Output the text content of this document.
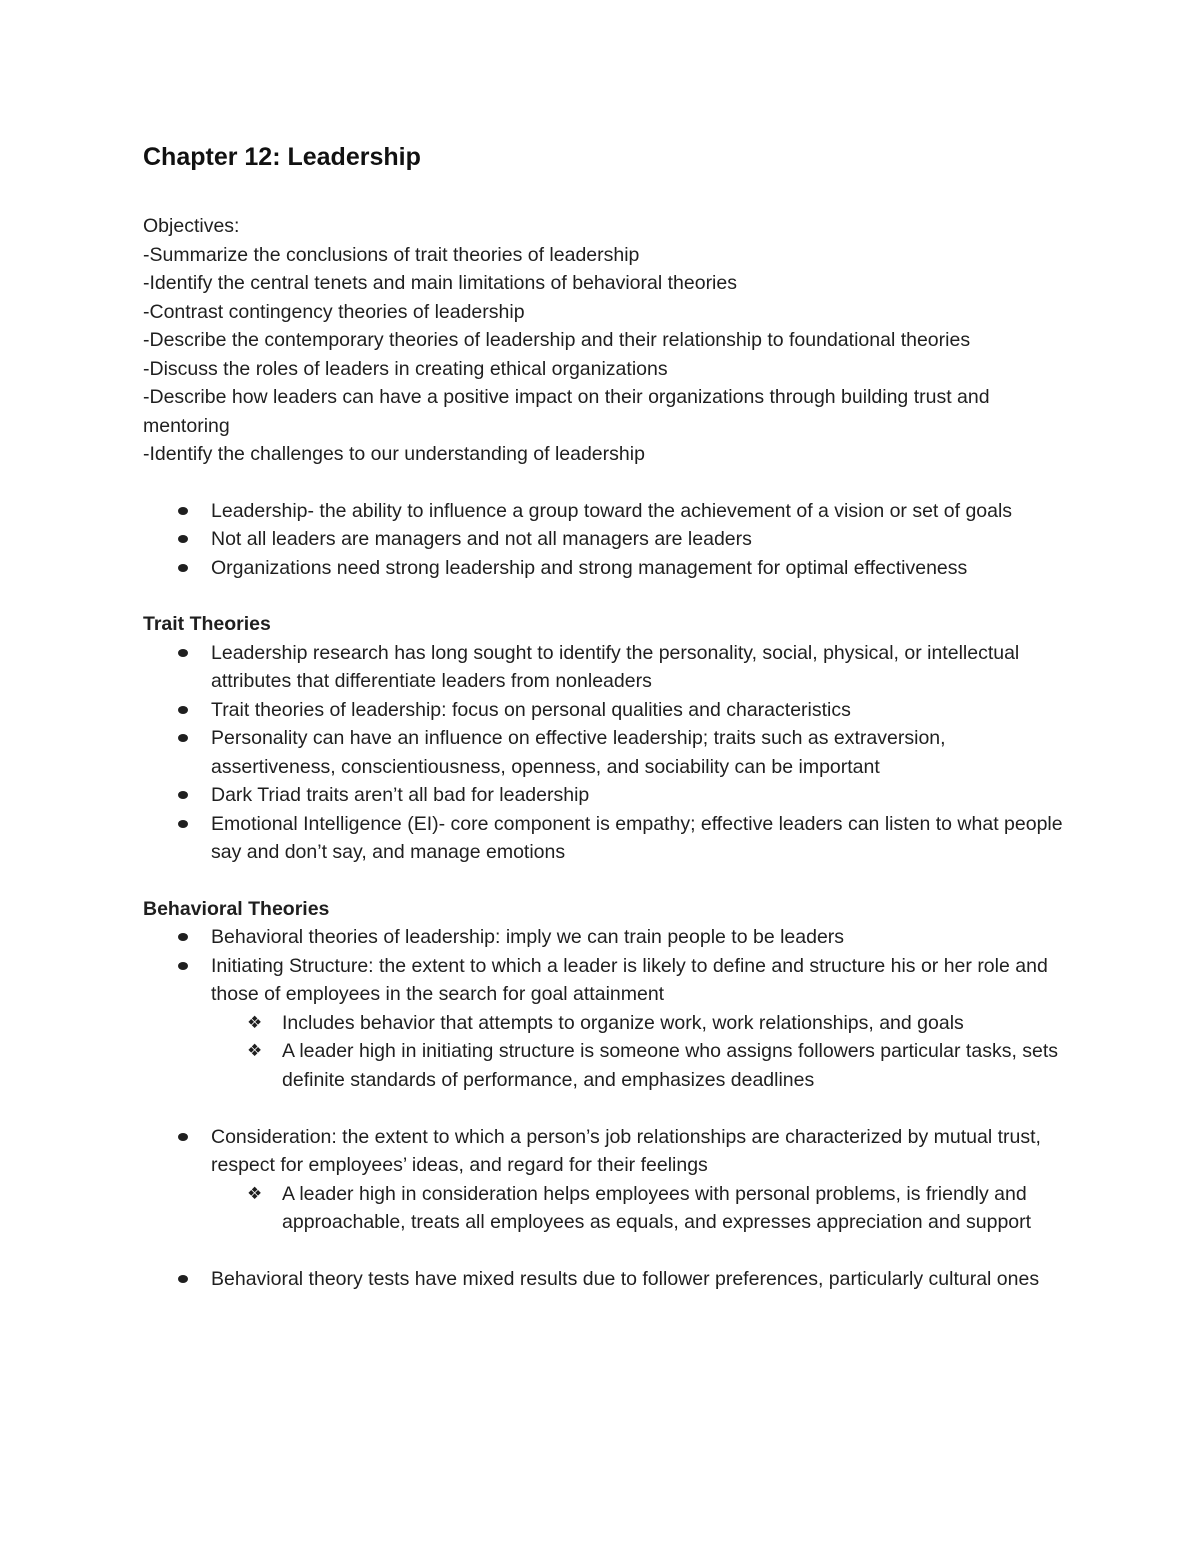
Chapter 12: Leadership

Objectives:

-Summarize the conclusions of trait theories of leadership

-Identify the central tenets and main limitations of behavioral theories

-Contrast contingency theories of leadership

-Describe the contemporary theories of leadership and their relationship to foundational theories

-Discuss the roles of leaders in creating ethical organizations

-Describe how leaders can have a positive impact on their organizations through building trust and mentoring

-Identify the challenges to our understanding of leadership

Leadership- the ability to influence a group toward the achievement of a vision or set of goals
Not all leaders are managers and not all managers are leaders
Organizations need strong leadership and strong management for optimal effectiveness

Trait Theories

Leadership research has long sought to identify the personality, social, physical, or intellectual attributes that differentiate leaders from nonleaders
Trait theories of leadership: focus on personal qualities and characteristics
Personality can have an influence on effective leadership; traits such as extraversion, assertiveness, conscientiousness, openness, and sociability can be important
Dark Triad traits aren’t all bad for leadership
Emotional Intelligence (EI)- core component is empathy; effective leaders can listen to what people say and don’t say, and manage emotions

Behavioral Theories

Behavioral theories of leadership: imply we can train people to be leaders
Initiating Structure: the extent to which a leader is likely to define and structure his or her role and those of employees in the search for goal attainment
❖ Includes behavior that attempts to organize work, work relationships, and goals
❖ A leader high in initiating structure is someone who assigns followers particular tasks, sets definite standards of performance, and emphasizes deadlines
Consideration: the extent to which a person’s job relationships are characterized by mutual trust, respect for employees’ ideas, and regard for their feelings
❖ A leader high in consideration helps employees with personal problems, is friendly and approachable, treats all employees as equals, and expresses appreciation and support
Behavioral theory tests have mixed results due to follower preferences, particularly cultural ones
